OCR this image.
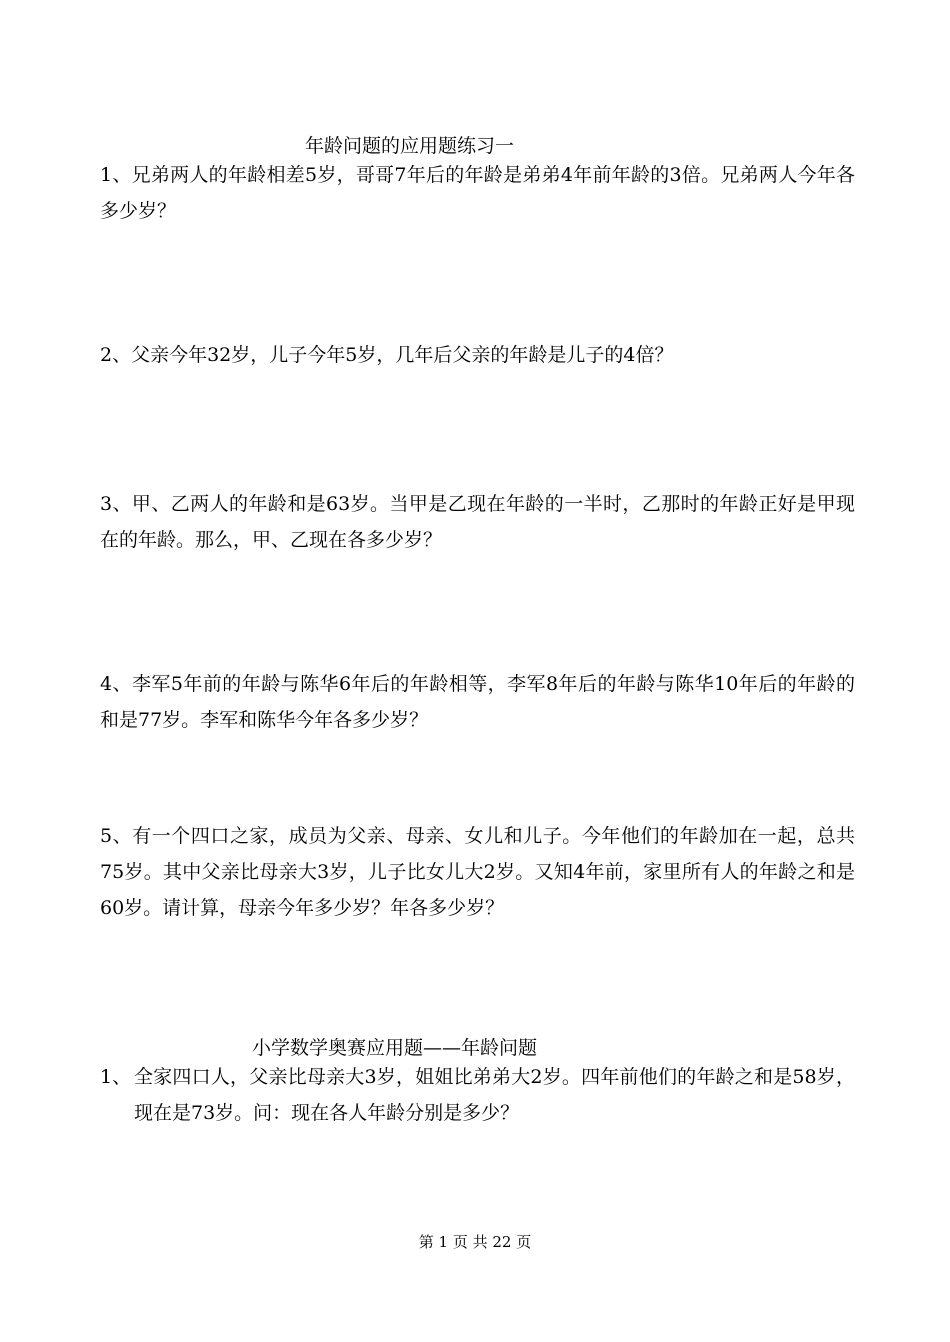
年龄问题的应用题练习一
1、兄弟两人的年龄相差5岁，哥哥7年后的年龄是弟弟4年前年龄的3倍。兄弟两人今年各多少岁？
2、父亲今年32岁，儿子今年5岁，几年后父亲的年龄是儿子的4倍？
3、甲、乙两人的年龄和是63岁。当甲是乙现在年龄的一半时，乙那时的年龄正好是甲现在的年龄。那么，甲、乙现在各多少岁？
4、李军5年前的年龄与陈华6年后的年龄相等，李军8年后的年龄与陈华10年后的年龄的和是77岁。李军和陈华今年各多少岁？
5、有一个四口之家，成员为父亲、母亲、女儿和儿子。今年他们的年龄加在一起，总共75岁。其中父亲比母亲大3岁，儿子比女儿大2岁。又知4年前，家里所有人的年龄之和是60岁。请计算，母亲今年多少岁？年各多少岁？
小学数学奥赛应用题——年龄问题
1、 全家四口人，父亲比母亲大3岁，姐姐比弟弟大2岁。四年前他们的年龄之和是58岁，现在是73岁。问：现在各人年龄分别是多少？
第 1 页 共 22 页
